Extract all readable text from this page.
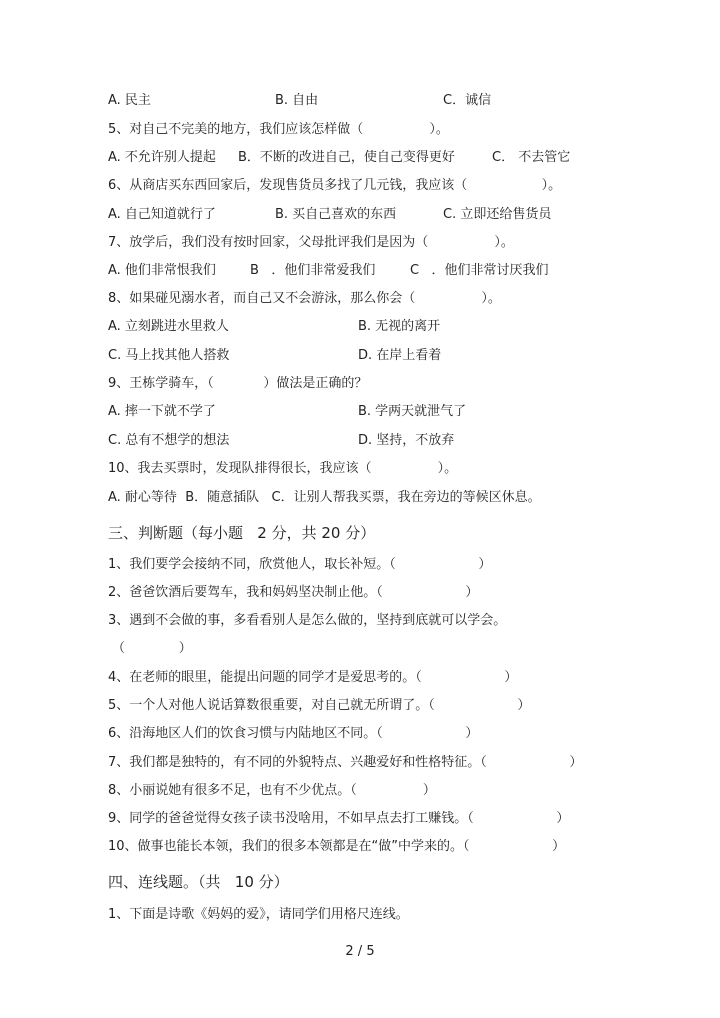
A. 民主	B. 自由	C．诚信
5、对自己不完美的地方，我们应该怎样做（                ）。
A. 不允许别人提起 B．不断的改进自己，使自己变得更好	C． 不去管它
6、从商店买东西回家后，发现售货员多找了几元钱，我应该（                  ）。
A. 自己知道就行了	B. 买自己喜欢的东西	C. 立即还给售货员
7、放学后，我们没有按时回家，父母批评我们是因为（                ）。
A. 他们非常恨我们	B   ．他们非常爱我们	C   ．他们非常讨厌我们
8、如果碰见溺水者，而自己又不会游泳，那么你会（                ）。
A. 立刻跳进水里救人	B. 无视的离开
C. 马上找其他人搭救	D. 在岸上看着
9、王栋学骑车，（            ）做法是正确的？
A. 摔一下就不学了	B. 学两天就泄气了
C. 总有不想学的想法	D. 坚持，不放弃
10、我去买票时，发现队排得很长，我应该（                ）。
A. 耐心等待  B．随意插队   C．让别人帮我买票，我在旁边的等候区休息。
三、判断题（每小题   2 分，共 20 分）
1、我们要学会接纳不同，欣赏他人，取长补短。（                    ）
2、爸爸饮酒后要驾车，我和妈妈坚决制止他。（                    ）
3、遇到不会做的事，多看看别人是怎么做的，坚持到底就可以学会。
（             ）
4、在老师的眼里，能提出问题的同学才是爱思考的。（                    ）
5、一个人对他人说话算数很重要，对自己就无所谓了。（                    ）
6、沿海地区人们的饮食习惯与内陆地区不同。（                    ）
7、我们都是独特的，有不同的外貌特点、兴趣爱好和性格特征。（                    ）
8、小丽说她有很多不足，也有不少优点。（                ）
9、同学的爸爸觉得女孩子读书没啥用，不如早点去打工赚钱。（                    ）
10、做事也能长本领，我们的很多本领都是在“做”中学来的。（                    ）
四、连线题。（共   10 分）
1、下面是诗歌《妈妈的爱》，请同学们用格尺连线。
2 / 5
